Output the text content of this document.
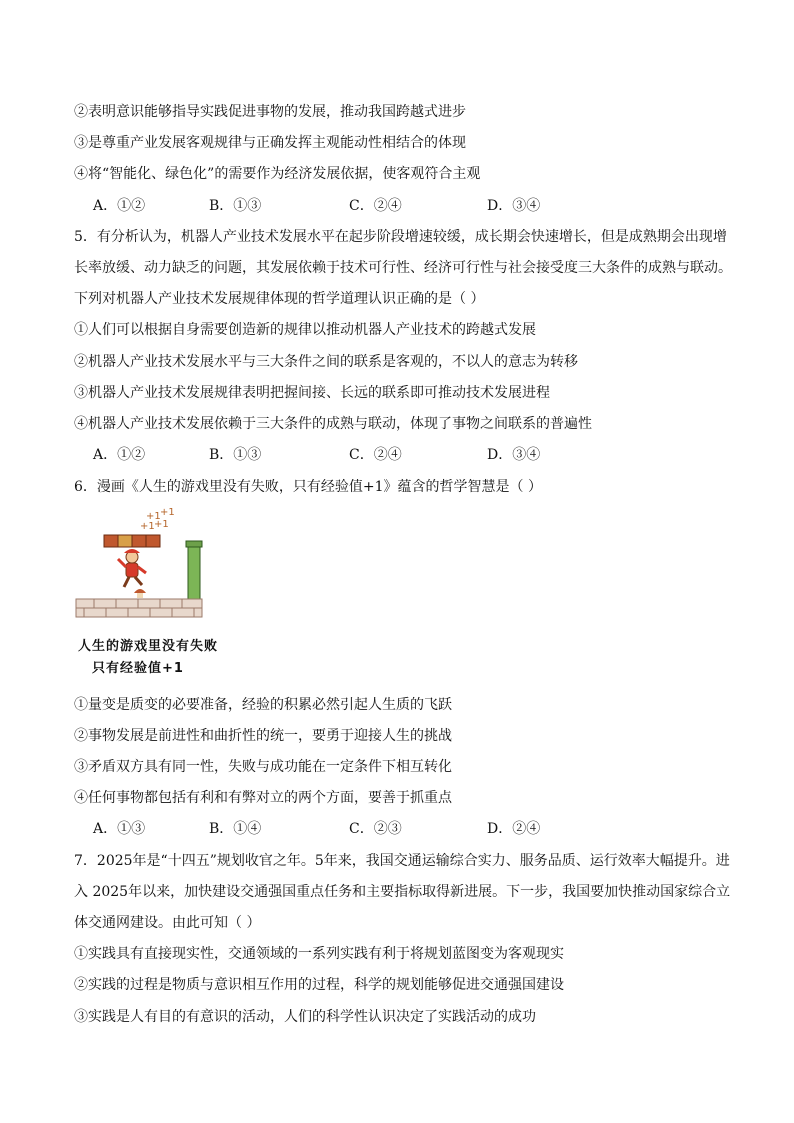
②表明意识能够指导实践促进事物的发展，推动我国跨越式进步
③是尊重产业发展客观规律与正确发挥主观能动性相结合的体现
④将“智能化、绿色化”的需要作为经济发展依据，使客观符合主观
A．①②	B．①③	C．②④	D．③④
5．有分析认为，机器人产业技术发展水平在起步阶段增速较缓，成长期会快速增长，但是成熟期会出现增
长率放缓、动力缺乏的问题，其发展依赖于技术可行性、经济可行性与社会接受度三大条件的成熟与联动。
下列对机器人产业技术发展规律体现的哲学道理认识正确的是（ ）
①人们可以根据自身需要创造新的规律以推动机器人产业技术的跨越式发展
②机器人产业技术发展水平与三大条件之间的联系是客观的，不以人的意志为转移
③机器人产业技术发展规律表明把握间接、长远的联系即可推动技术发展进程
④机器人产业技术发展依赖于三大条件的成熟与联动，体现了事物之间联系的普遍性
A．①②	B．①③	C．②④	D．③④
6．漫画《人生的游戏里没有失败，只有经验值+1》蕴含的哲学智慧是（ ）
+1 +1
+1 +1
人生的游戏里没有失败
只有经验值+1
①量变是质变的必要准备，经验的积累必然引起人生质的飞跃
②事物发展是前进性和曲折性的统一，要勇于迎接人生的挑战
③矛盾双方具有同一性，失败与成功能在一定条件下相互转化
④任何事物都包括有利和有弊对立的两个方面，要善于抓重点
A．①③	B．①④	C．②③	D．②④
7．2025年是“十四五”规划收官之年。5年来，我国交通运输综合实力、服务品质、运行效率大幅提升。进
入 2025年以来，加快建设交通强国重点任务和主要指标取得新进展。下一步，我国要加快推动国家综合立
体交通网建设。由此可知（ ）
①实践具有直接现实性，交通领域的一系列实践有利于将规划蓝图变为客观现实
②实践的过程是物质与意识相互作用的过程，科学的规划能够促进交通强国建设
③实践是人有目的有意识的活动，人们的科学性认识决定了实践活动的成功
